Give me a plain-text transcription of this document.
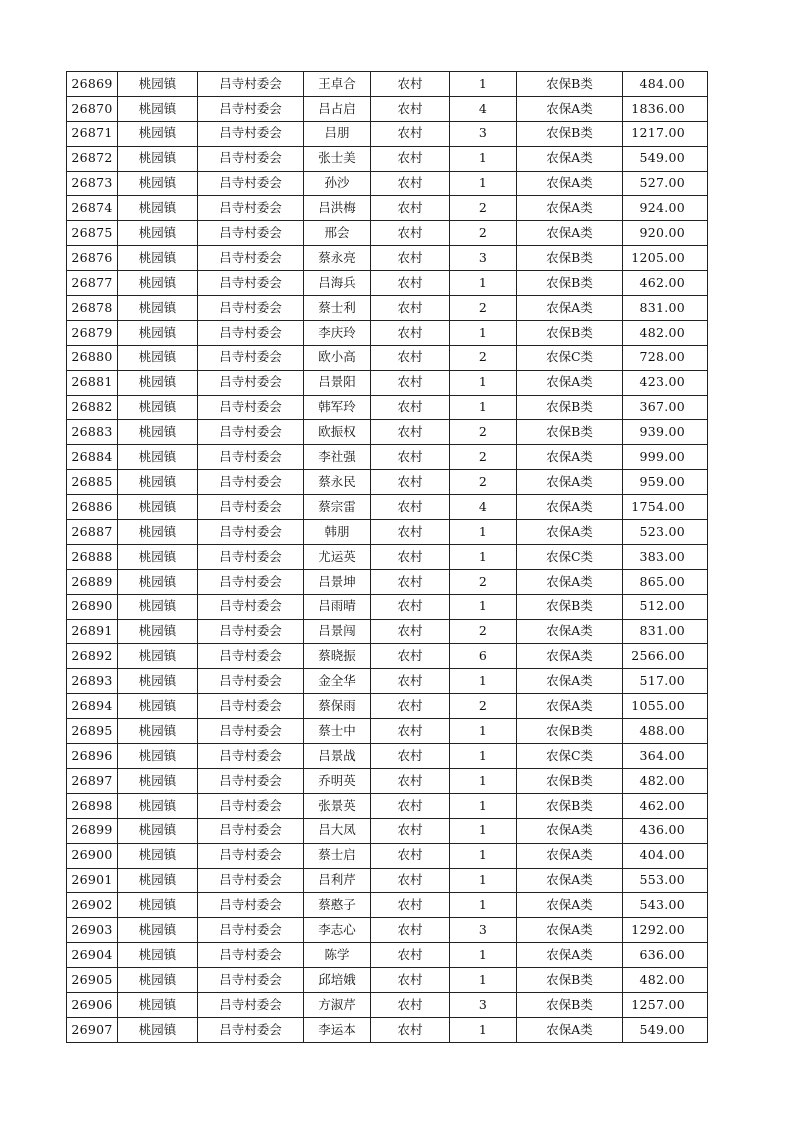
26869	桃园镇	吕寺村委会	王卓合	农村	1	农保B类	484.00
26870	桃园镇	吕寺村委会	吕占启	农村	4	农保A类	1836.00
26871	桃园镇	吕寺村委会	吕朋	农村	3	农保B类	1217.00
26872	桃园镇	吕寺村委会	张士美	农村	1	农保A类	549.00
26873	桃园镇	吕寺村委会	孙沙	农村	1	农保A类	527.00
26874	桃园镇	吕寺村委会	吕洪梅	农村	2	农保A类	924.00
26875	桃园镇	吕寺村委会	邢会	农村	2	农保A类	920.00
26876	桃园镇	吕寺村委会	蔡永亮	农村	3	农保B类	1205.00
26877	桃园镇	吕寺村委会	吕海兵	农村	1	农保B类	462.00
26878	桃园镇	吕寺村委会	蔡士利	农村	2	农保A类	831.00
26879	桃园镇	吕寺村委会	李庆玲	农村	1	农保B类	482.00
26880	桃园镇	吕寺村委会	欧小高	农村	2	农保C类	728.00
26881	桃园镇	吕寺村委会	吕景阳	农村	1	农保A类	423.00
26882	桃园镇	吕寺村委会	韩军玲	农村	1	农保B类	367.00
26883	桃园镇	吕寺村委会	欧振权	农村	2	农保B类	939.00
26884	桃园镇	吕寺村委会	李社强	农村	2	农保A类	999.00
26885	桃园镇	吕寺村委会	蔡永民	农村	2	农保A类	959.00
26886	桃园镇	吕寺村委会	蔡宗雷	农村	4	农保A类	1754.00
26887	桃园镇	吕寺村委会	韩朋	农村	1	农保A类	523.00
26888	桃园镇	吕寺村委会	尤运英	农村	1	农保C类	383.00
26889	桃园镇	吕寺村委会	吕景坤	农村	2	农保A类	865.00
26890	桃园镇	吕寺村委会	吕雨晴	农村	1	农保B类	512.00
26891	桃园镇	吕寺村委会	吕景闯	农村	2	农保A类	831.00
26892	桃园镇	吕寺村委会	蔡晓振	农村	6	农保A类	2566.00
26893	桃园镇	吕寺村委会	金全华	农村	1	农保A类	517.00
26894	桃园镇	吕寺村委会	蔡保雨	农村	2	农保A类	1055.00
26895	桃园镇	吕寺村委会	蔡士中	农村	1	农保B类	488.00
26896	桃园镇	吕寺村委会	吕景战	农村	1	农保C类	364.00
26897	桃园镇	吕寺村委会	乔明英	农村	1	农保B类	482.00
26898	桃园镇	吕寺村委会	张景英	农村	1	农保B类	462.00
26899	桃园镇	吕寺村委会	吕大凤	农村	1	农保A类	436.00
26900	桃园镇	吕寺村委会	蔡士启	农村	1	农保A类	404.00
26901	桃园镇	吕寺村委会	吕利芹	农村	1	农保A类	553.00
26902	桃园镇	吕寺村委会	蔡憨子	农村	1	农保A类	543.00
26903	桃园镇	吕寺村委会	李志心	农村	3	农保A类	1292.00
26904	桃园镇	吕寺村委会	陈学	农村	1	农保A类	636.00
26905	桃园镇	吕寺村委会	邱培娥	农村	1	农保B类	482.00
26906	桃园镇	吕寺村委会	方淑芹	农村	3	农保B类	1257.00
26907	桃园镇	吕寺村委会	李运本	农村	1	农保A类	549.00
